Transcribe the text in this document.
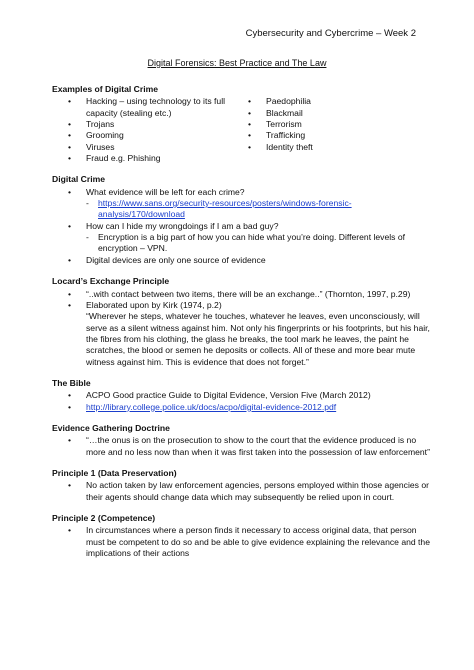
Cybersecurity and Cybercrime – Week 2
Digital Forensics: Best Practice and The Law
Examples of Digital Crime
• Hacking – using technology to its full capacity (stealing etc.)
• Trojans
• Grooming
• Viruses
• Fraud e.g. Phishing
• Paedophilia
• Blackmail
• Terrorism
• Trafficking
• Identity theft
Digital Crime
• What evidence will be left for each crime?
- https://www.sans.org/security-resources/posters/windows-forensic-analysis/170/download
• How can I hide my wrongdoings if I am a bad guy?
- Encryption is a big part of how you can hide what you’re doing. Different levels of encryption – VPN.
• Digital devices are only one source of evidence
Locard’s Exchange Principle
• “..with contact between two items, there will be an exchange..” (Thornton, 1997, p.29)
• Elaborated upon by Kirk (1974, p.2)
“Wherever he steps, whatever he touches, whatever he leaves, even unconsciously, will serve as a silent witness against him. Not only his fingerprints or his footprints, but his hair, the fibres from his clothing, the glass he breaks, the tool mark he leaves, the paint he scratches, the blood or semen he deposits or collects. All of these and more bear mute witness against him. This is evidence that does not forget.”
The Bible
• ACPO Good practice Guide to Digital Evidence, Version Five (March 2012)
• http://library.college.police.uk/docs/acpo/digital-evidence-2012.pdf
Evidence Gathering Doctrine
• “…the onus is on the prosecution to show to the court that the evidence produced is no more and no less now than when it was first taken into the possession of law enforcement”
Principle 1 (Data Preservation)
• No action taken by law enforcement agencies, persons employed within those agencies or their agents should change data which may subsequently be relied upon in court.
Principle 2 (Competence)
• In circumstances where a person finds it necessary to access original data, that person must be competent to do so and be able to give evidence explaining the relevance and the implications of their actions
